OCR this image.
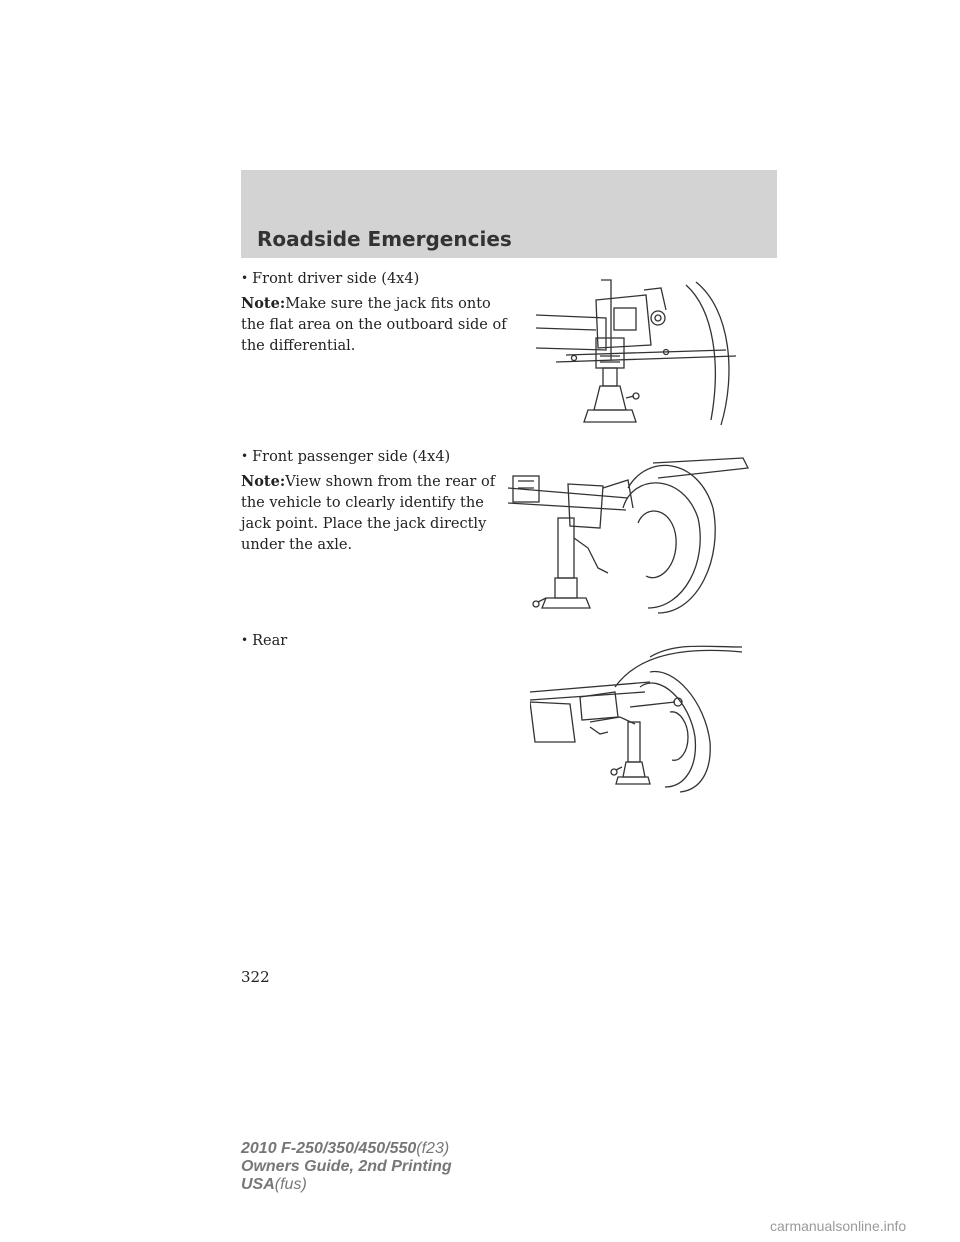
Roadside Emergencies
• Front driver side (4x4)
Note:Make sure the jack fits onto the flat area on the outboard side of the differential.
• Front passenger side (4x4)
Note:View shown from the rear of the vehicle to clearly identify the jack point. Place the jack directly under the axle.
• Rear
322
2010 F-250/350/450/550(f23)
Owners Guide, 2nd Printing
USA(fus)
carmanualsonline.info
